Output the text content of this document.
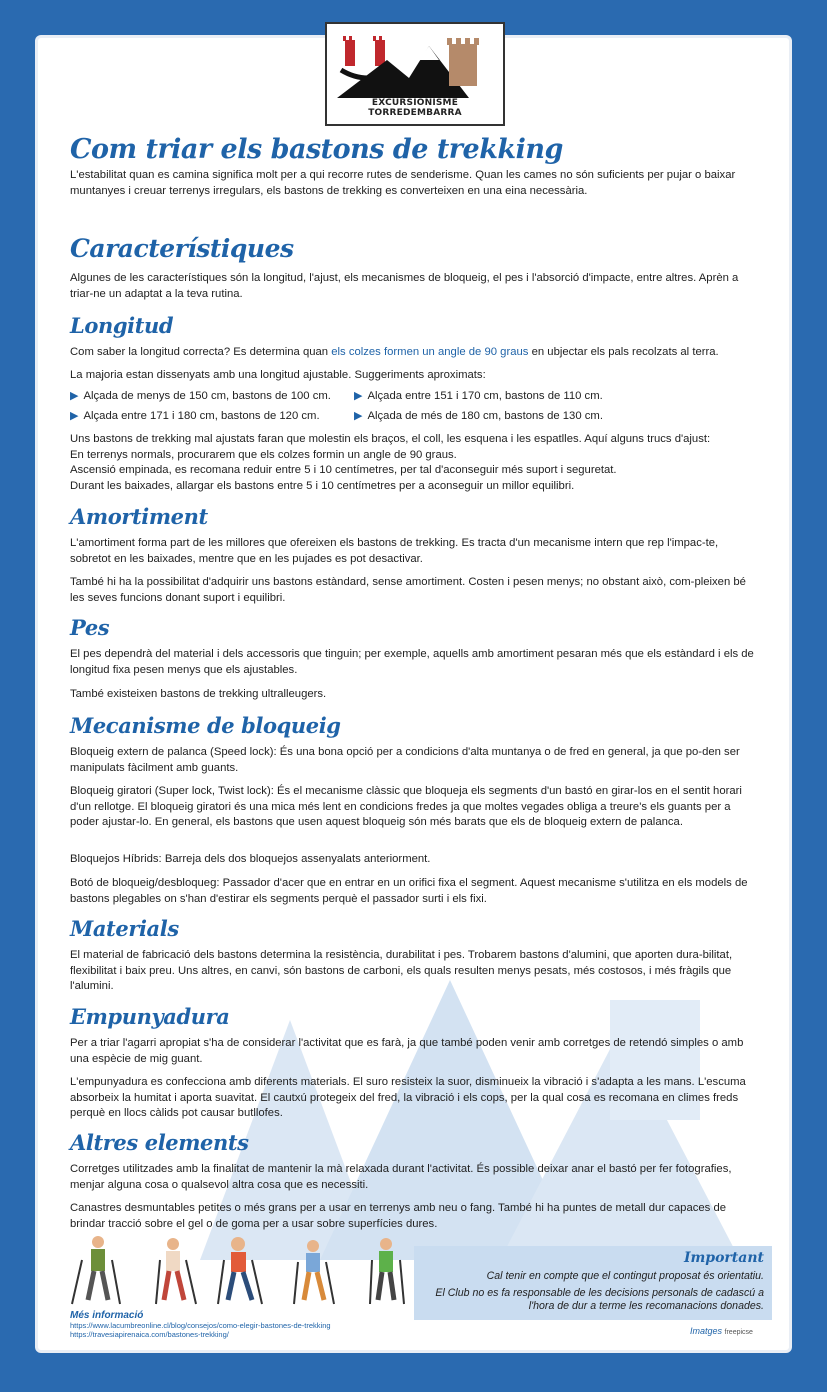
EXCURSIONISME TORREDEMBARRA
Com triar els bastons de trekking

L'estabilitat quan es camina significa molt per a qui recorre rutes de senderisme. Quan les cames no són suficients per pujar o baixar muntanyes i creuar terrenys irregulars, els bastons de trekking es converteixen en una eina necessària.

Característiques

Algunes de les característiques són la longitud, l'ajust, els mecanismes de bloqueig, el pes i l'absorció d'impacte, entre altres. Aprèn a triar-ne un adaptat a la teva rutina.

Longitud

Com saber la longitud correcta? Es determina quan els colzes formen un angle de 90 graus en ubjectar els pals recolzats al terra.

La majoria estan dissenyats amb una longitud ajustable. Suggeriments aproximats:

▶ Alçada de menys de 150 cm, bastons de 100 cm. ▶ Alçada entre 151 i 170 cm, bastons de 110 cm.
▶ Alçada entre 171 i 180 cm, bastons de 120 cm.	▶ Alçada de més de 180 cm, bastons de 130 cm.

Uns bastons de trekking mal ajustats faran que molestin els braços, el coll, les esquena i les espatlles. Aquí alguns trucs d'ajust:

En terrenys normals, procurarem que els colzes formin un angle de 90 graus.

Ascensió empinada, es recomana reduir entre 5 i 10 centímetres, per tal d'aconseguir més suport i seguretat.

Durant les baixades, allargar els bastons entre 5 i 10 centímetres per a aconseguir un millor equilibri.

Amortiment

L'amortiment forma part de les millores que ofereixen els bastons de trekking. Es tracta d'un mecanisme intern que rep l'impac-te, sobretot en les baixades, mentre que en les pujades es pot desactivar.

També hi ha la possibilitat d'adquirir uns bastons estàndard, sense amortiment. Costen i pesen menys; no obstant això, com-pleixen bé les seves funcions donant suport i equilibri.

Pes

El pes dependrà del material i dels accessoris que tinguin; per exemple, aquells amb amortiment pesaran més que els estàndard i els de longitud fixa pesen menys que els ajustables.

També existeixen bastons de trekking ultralleugers.

Mecanisme de bloqueig

Bloqueig extern de palanca (Speed lock): És una bona opció per a condicions d'alta muntanya o de fred en general, ja que po-den ser manipulats fàcilment amb guants.

Bloqueig giratori (Super lock, Twist lock): És el mecanisme clàssic que bloqueja els segments d'un bastó en girar-los en el sentit horari d'un rellotge. El bloqueig giratori és una mica més lent en condicions fredes ja que moltes vegades obliga a treure's els guants per a poder ajustar-lo. En general, els bastons que usen aquest bloqueig són més barats que els de bloqueig extern de palanca.

Bloquejos Híbrids: Barreja dels dos bloquejos assenyalats anteriorment.

Botó de bloqueig/desbloqueg: Passador d'acer que en entrar en un orifici fixa el segment. Aquest mecanisme s'utilitza en els models de bastons plegables on s'han d'estirar els segments perquè el passador surti i els fixi.

Materials

El material de fabricació dels bastons determina la resistència, durabilitat i pes. Trobarem bastons d'alumini, que aporten dura-bilitat, flexibilitat i baix preu. Uns altres, en canvi, són bastons de carboni, els quals resulten menys pesats, més costosos, i més fràgils que l'alumini.

Empunyadura

Per a triar l'agarri apropiat s'ha de considerar l'activitat que es farà, ja que també poden venir amb corretges de retendó simples o amb una espècie de mig guant.

L'empunyadura es confecciona amb diferents materials. El suro resisteix la suor, disminueix la vibració i s'adapta a les mans. L'escuma absorbeix la humitat i aporta suavitat. El cautxú protegeix del fred, la vibració i els cops, per la qual cosa es recomana en climes freds perquè en llocs càlids pot causar butllofes.

Altres elements

Corretges utilitzades amb la finalitat de mantenir la mà relaxada durant l'activitat. És possible deixar anar el bastó per fer fotografies, menjar alguna cosa o qualsevol altra cosa que es necessiti.

Canastres desmuntables petites o més grans per a usar en terrenys amb neu o fang. També hi ha puntes de metall dur capaces de brindar tracció sobre el gel o de goma per a usar sobre superfícies dures.

Important
Cal tenir en compte que el contingut proposat és orientatiu.
El Club no es fa responsable de les decisions personals de cadascú a l'hora de dur a terme les recomanacions donades.
Més informació
https://www.lacumbreonline.cl/blog/consejos/como-elegir-bastones-de-trekking
https://travesiapirenaica.com/bastones-trekking/	Imatges freepicse
